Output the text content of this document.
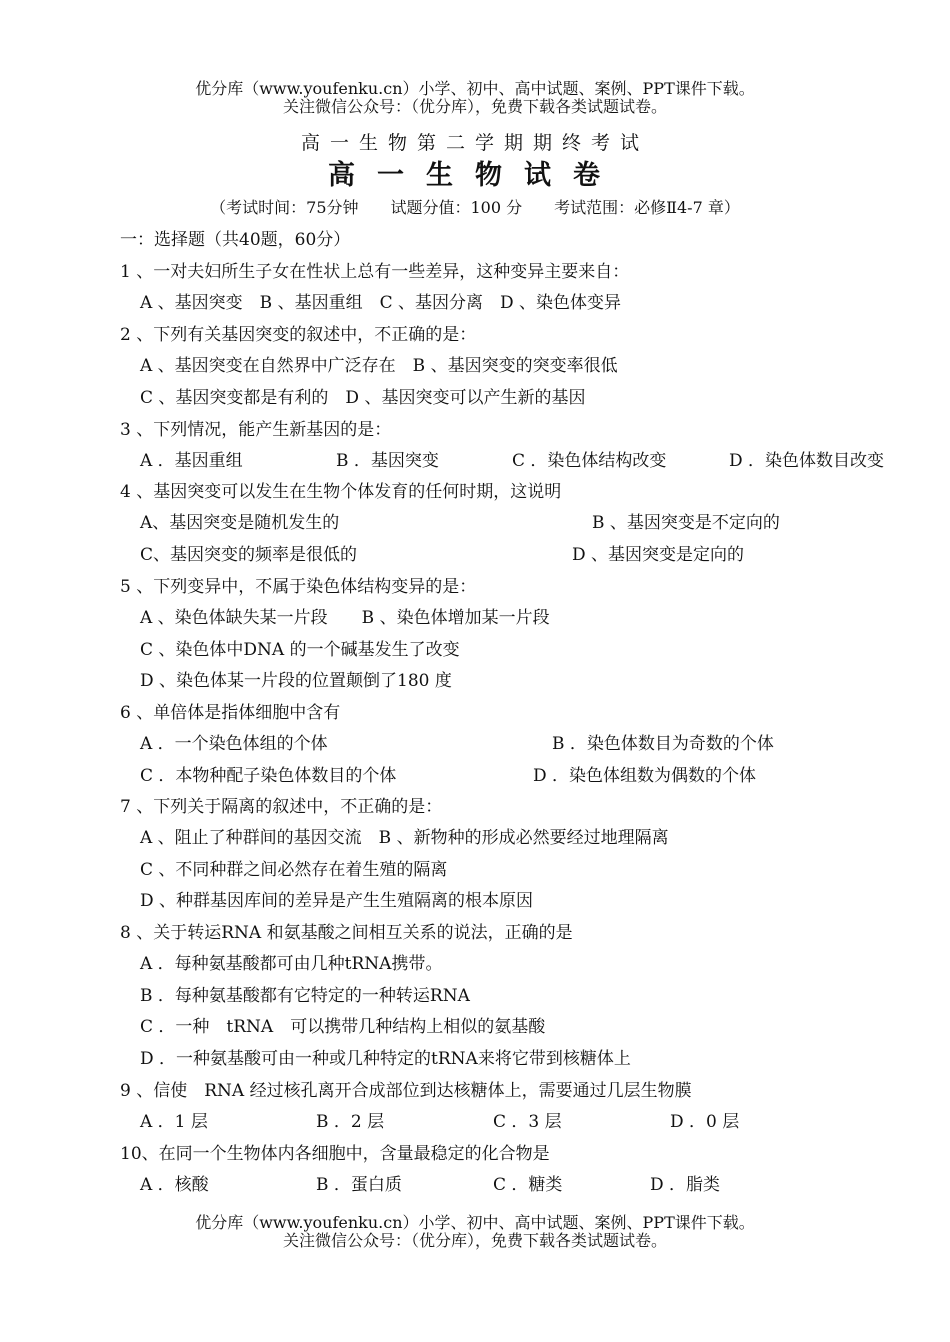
优分库（www.youfenku.cn）小学、初中、高中试题、案例、PPT课件下载。
关注微信公众号：（优分库），免费下载各类试题试卷。
高一生物第二学期期终考试
高一生物试卷
（考试时间：75分钟　　试题分值：100 分　　考试范围：必修Ⅱ4-7 章）
一：选择题（共40题，60分）
1 、一对夫妇所生子女在性状上总有一些差异，这种变异主要来自：
A 、基因突变　B 、基因重组　C 、基因分离　D 、染色体变异
2 、下列有关基因突变的叙述中，不正确的是：
A 、基因突变在自然界中广泛存在　B 、基因突变的突变率很低
C 、基因突变都是有利的　D 、基因突变可以产生新的基因
3 、下列情况，能产生新基因的是：
A ．基因重组	B ．基因突变	C ．染色体结构改变	D ．染色体数目改变
4 、基因突变可以发生在生物个体发育的任何时期，这说明
A、基因突变是随机发生的	B 、基因突变是不定向的
C、基因突变的频率是很低的	D 、基因突变是定向的
5 、下列变异中，不属于染色体结构变异的是：
A 、染色体缺失某一片段　　B 、染色体增加某一片段
C 、染色体中DNA 的一个碱基发生了改变
D 、染色体某一片段的位置颠倒了180 度
6 、单倍体是指体细胞中含有
A ．一个染色体组的个体	B ．染色体数目为奇数的个体
C ．本物种配子染色体数目的个体	D ．染色体组数为偶数的个体
7 、下列关于隔离的叙述中，不正确的是：
A 、阻止了种群间的基因交流　B 、新物种的形成必然要经过地理隔离
C 、不同种群之间必然存在着生殖的隔离
D 、种群基因库间的差异是产生生殖隔离的根本原因
8 、关于转运RNA 和氨基酸之间相互关系的说法，正确的是
A ．每种氨基酸都可由几种tRNA携带。
B ．每种氨基酸都有它特定的一种转运RNA
C ．一种　tRNA　可以携带几种结构上相似的氨基酸
D ．一种氨基酸可由一种或几种特定的tRNA来将它带到核糖体上
9 、信使　RNA 经过核孔离开合成部位到达核糖体上，需要通过几层生物膜
A ．1 层	B ．2 层	C ．3 层	D ．0 层
10、在同一个生物体内各细胞中，含量最稳定的化合物是
A ．核酸	B ．蛋白质	C ．糖类	D ．脂类
优分库（www.youfenku.cn）小学、初中、高中试题、案例、PPT课件下载。
关注微信公众号：（优分库），免费下载各类试题试卷。
